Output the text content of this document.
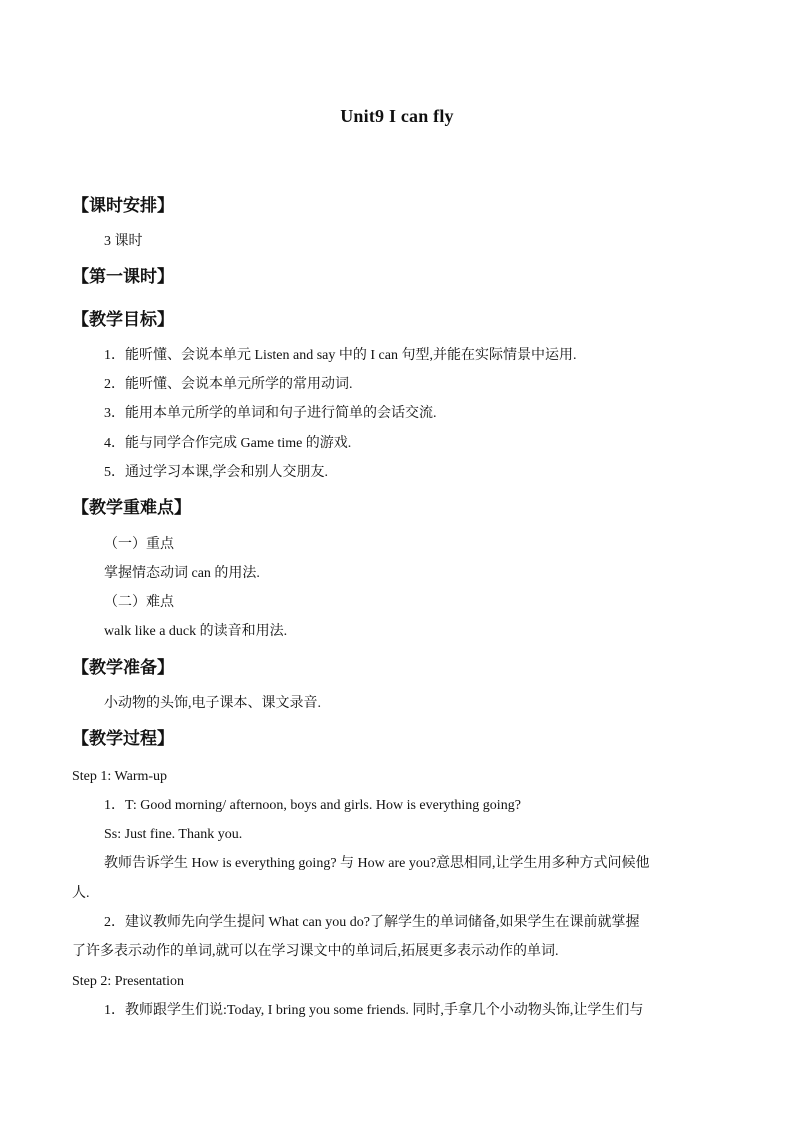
Unit9 I can fly
【课时安排】
3 课时
【第一课时】
【教学目标】
1．能听懂、会说本单元 Listen and say 中的 I can 句型,并能在实际情景中运用.
2．能听懂、会说本单元所学的常用动词.
3．能用本单元所学的单词和句子进行简单的会话交流.
4．能与同学合作完成 Game time 的游戏.
5．通过学习本课,学会和别人交朋友.
【教学重难点】
（一）重点
掌握情态动词 can 的用法.
（二）难点
walk like a duck 的读音和用法.
【教学准备】
小动物的头饰,电子课本、课文录音.
【教学过程】
Step 1: Warm-up
1．T: Good morning/ afternoon, boys and girls. How is everything going?
Ss: Just fine. Thank you.
教师告诉学生 How is everything going? 与 How are you?意思相同,让学生用多种方式问候他
人.
2．建议教师先向学生提问 What can you do?了解学生的单词储备,如果学生在课前就掌握
了许多表示动作的单词,就可以在学习课文中的单词后,拓展更多表示动作的单词.
Step 2: Presentation
1．教师跟学生们说:Today, I bring you some friends. 同时,手拿几个小动物头饰,让学生们与
